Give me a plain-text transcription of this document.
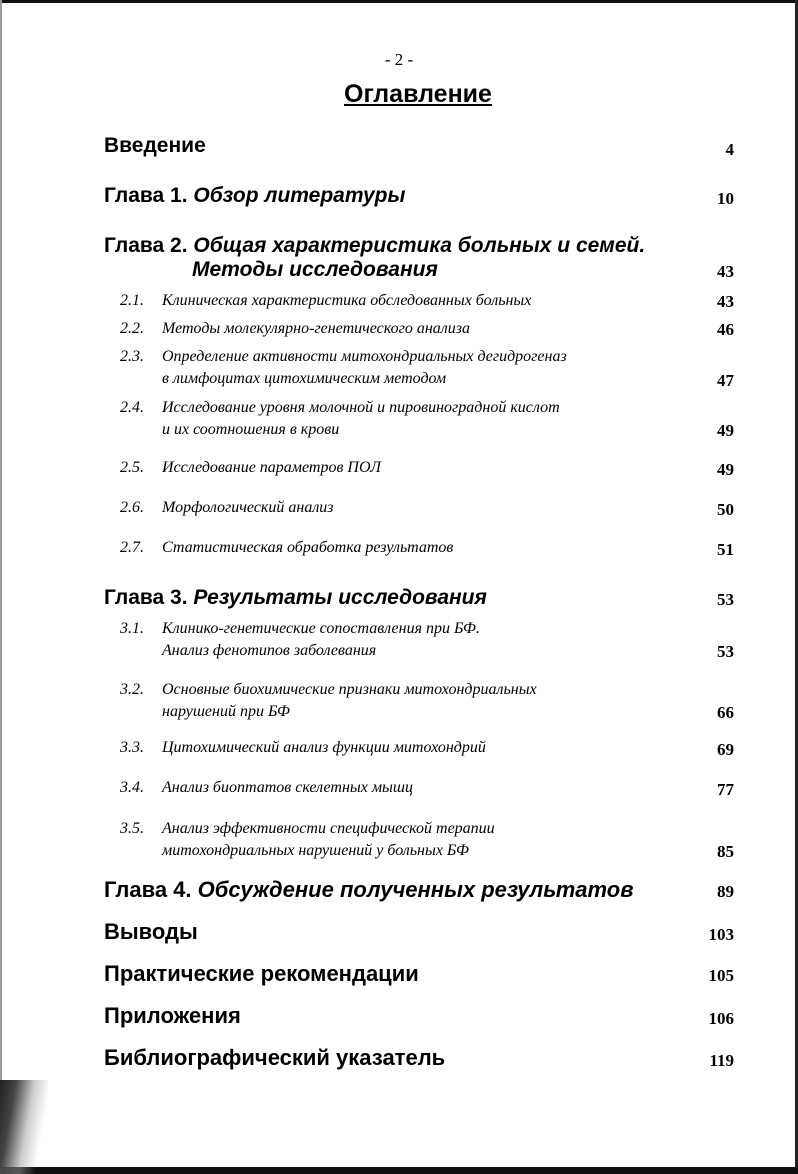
- 2 -
Оглавление
Введение	4
Глава 1. Обзор литературы	10
Глава 2. Общая характеристика больных и семей.
Методы исследования	43
2.1. Клиническая характеристика обследованных больных	43
2.2. Методы молекулярно-генетического анализа	46
2.3. Определение активности митохондриальных дегидрогеназ
в лимфоцитах цитохимическим методом	47
2.4. Исследование уровня молочной и пировиноградной кислот
и их соотношения в крови	49
2.5. Исследование параметров ПОЛ	49
2.6. Морфологический анализ	50
2.7. Статистическая обработка результатов	51
Глава 3. Результаты исследования	53
3.1. Клинико-генетические сопоставления при БФ.
Анализ фенотипов заболевания	53
3.2. Основные биохимические признаки митохондриальных
нарушений при БФ	66
3.3. Цитохимический анализ функции митохондрий	69
3.4. Анализ биоптатов скелетных мышц	77
3.5. Анализ эффективности специфической терапии
митохондриальных нарушений у больных БФ	85
Глава 4. Обсуждение полученных результатов	89
Выводы	103
Практические рекомендации	105
Приложения	106
Библиографический указатель	119
